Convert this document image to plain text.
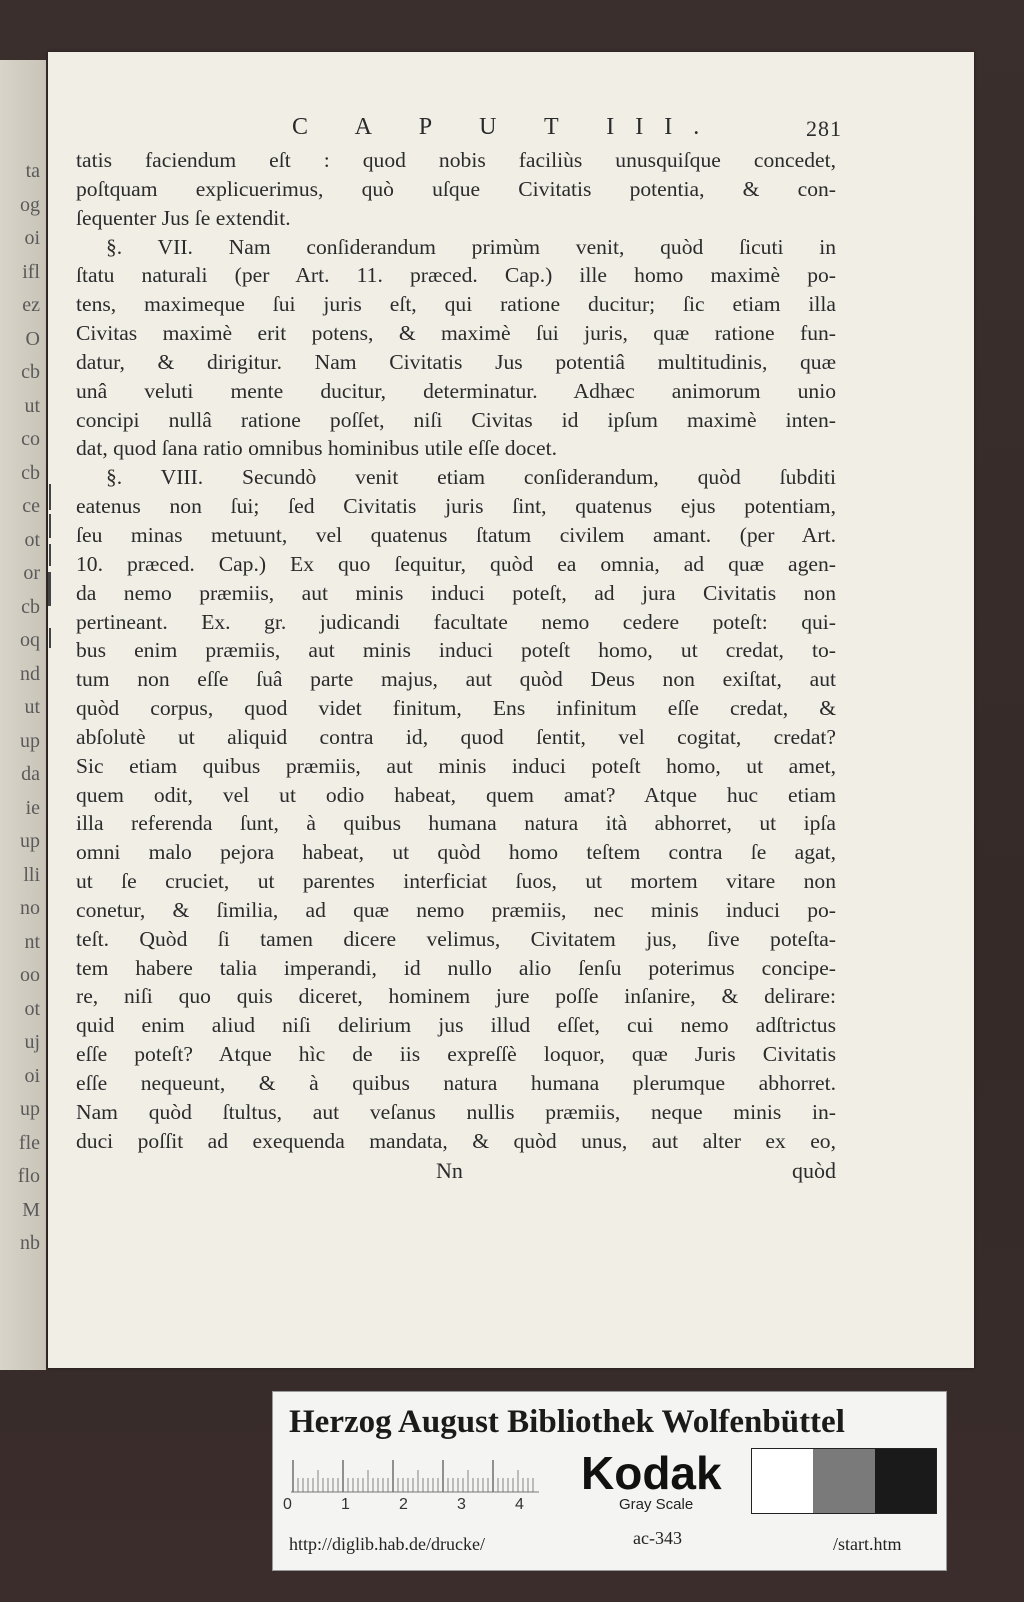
ta
og
oi
ifl
ez
O
cb
ut
co
cb
ce
ot
or
cb
oq
nd
ut
up
da
ie
up
lli
no
nt
oo
ot
uj
oi
up
fle
flo
M
nb
C A P U T III.	281
tatis faciendum eſt : quod nobis faciliùs unusquiſque concedet,
poſtquam explicuerimus, quò uſque Civitatis potentia, & con-
ſequenter Jus ſe extendit.
§. VII. Nam conſiderandum primùm venit, quòd ſicuti in
ſtatu naturali (per Art. 11. præced. Cap.) ille homo maximè po-
tens, maximeque ſui juris eſt, qui ratione ducitur; ſic etiam illa
Civitas maximè erit potens, & maximè ſui juris, quæ ratione fun-
datur, & dirigitur. Nam Civitatis Jus potentiâ multitudinis, quæ
unâ veluti mente ducitur, determinatur. Adhæc animorum unio
concipi nullâ ratione poſſet, niſi Civitas id ipſum maximè inten-
dat, quod ſana ratio omnibus hominibus utile eſſe docet.
§. VIII. Secundò venit etiam conſiderandum, quòd ſubditi
eatenus non ſui; ſed Civitatis juris ſint, quatenus ejus potentiam,
ſeu minas metuunt, vel quatenus ſtatum civilem amant. (per Art.
10. præced. Cap.) Ex quo ſequitur, quòd ea omnia, ad quæ agen-
da nemo præmiis, aut minis induci poteſt, ad jura Civitatis non
pertineant. Ex. gr. judicandi facultate nemo cedere poteſt: qui-
bus enim præmiis, aut minis induci poteſt homo, ut credat, to-
tum non eſſe ſuâ parte majus, aut quòd Deus non exiſtat, aut
quòd corpus, quod videt finitum, Ens infinitum eſſe credat, &
abſolutè ut aliquid contra id, quod ſentit, vel cogitat, credat?
Sic etiam quibus præmiis, aut minis induci poteſt homo, ut amet,
quem odit, vel ut odio habeat, quem amat? Atque huc etiam
illa referenda ſunt, à quibus humana natura ità abhorret, ut ipſa
omni malo pejora habeat, ut quòd homo teſtem contra ſe agat,
ut ſe cruciet, ut parentes interficiat ſuos, ut mortem vitare non
conetur, & ſimilia, ad quæ nemo præmiis, nec minis induci po-
teſt. Quòd ſi tamen dicere velimus, Civitatem jus, ſive poteſta-
tem habere talia imperandi, id nullo alio ſenſu poterimus concipe-
re, niſi quo quis diceret, hominem jure poſſe inſanire, & delirare:
quid enim aliud niſi delirium jus illud eſſet, cui nemo adſtrictus
eſſe poteſt? Atque hìc de iis expreſſè loquor, quæ Juris Civitatis
eſſe nequeunt, & à quibus natura humana plerumque abhorret.
Nam quòd ſtultus, aut veſanus nullis præmiis, neque minis in-
duci poſſit ad exequenda mandata, & quòd unus, aut alter ex eo,
Nn	quòd
Herzog August Bibliothek Wolfenbüttel
0	1	2	3	4
Kodak
Gray Scale
http://diglib.hab.de/drucke/	ac-343	/start.htm
